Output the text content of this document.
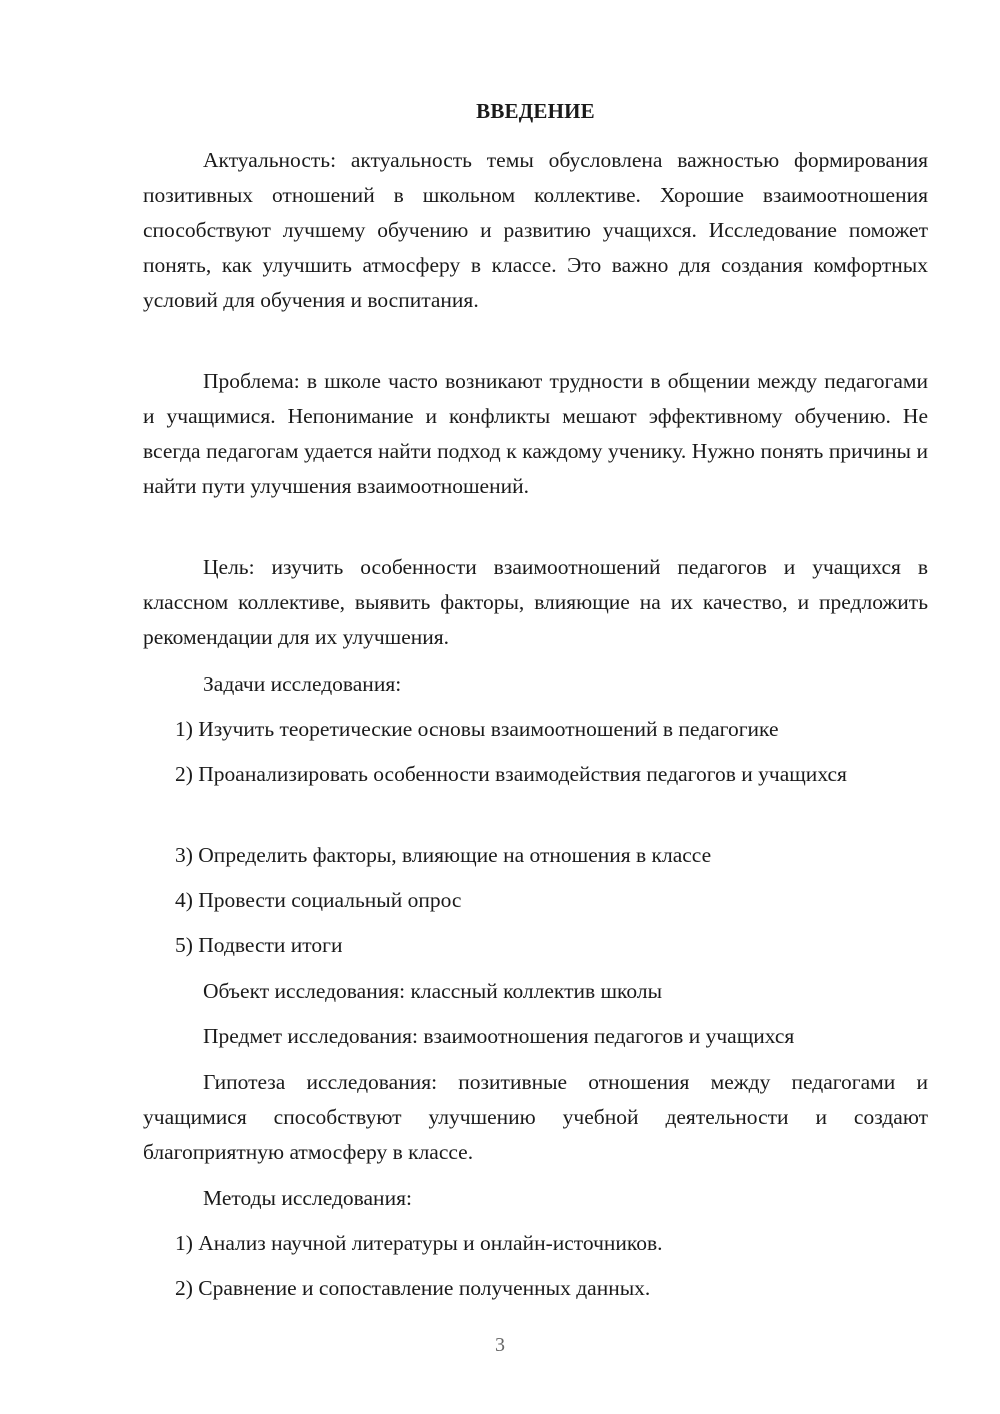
ВВЕДЕНИЕ

Актуальность: актуальность темы обусловлена важностью формирования позитивных отношений в школьном коллективе. Хорошие взаимоотношения способствуют лучшему обучению и развитию учащихся. Исследование поможет понять, как улучшить атмосферу в классе. Это важно для создания комфортных условий для обучения и воспитания.

Проблема: в школе часто возникают трудности в общении между педагогами и учащимися. Непонимание и конфликты мешают эффективному обучению. Не всегда педагогам удается найти подход к каждому ученику. Нужно понять причины и найти пути улучшения взаимоотношений.

Цель: изучить особенности взаимоотношений педагогов и учащихся в классном коллективе, выявить факторы, влияющие на их качество, и предложить рекомендации для их улучшения.

Задачи исследования:

1) Изучить теоретические основы взаимоотношений в педагогике

2) Проанализировать особенности взаимодействия педагогов и учащихся

3) Определить факторы, влияющие на отношения в классе

4) Провести социальный опрос

5) Подвести итоги

Объект исследования: классный коллектив школы

Предмет исследования: взаимоотношения педагогов и учащихся

Гипотеза исследования: позитивные отношения между педагогами и учащимися способствуют улучшению учебной деятельности и создают благоприятную атмосферу в классе.

Методы исследования:

1) Анализ научной литературы и онлайн-источников.

2) Сравнение и сопоставление полученных данных.

3
